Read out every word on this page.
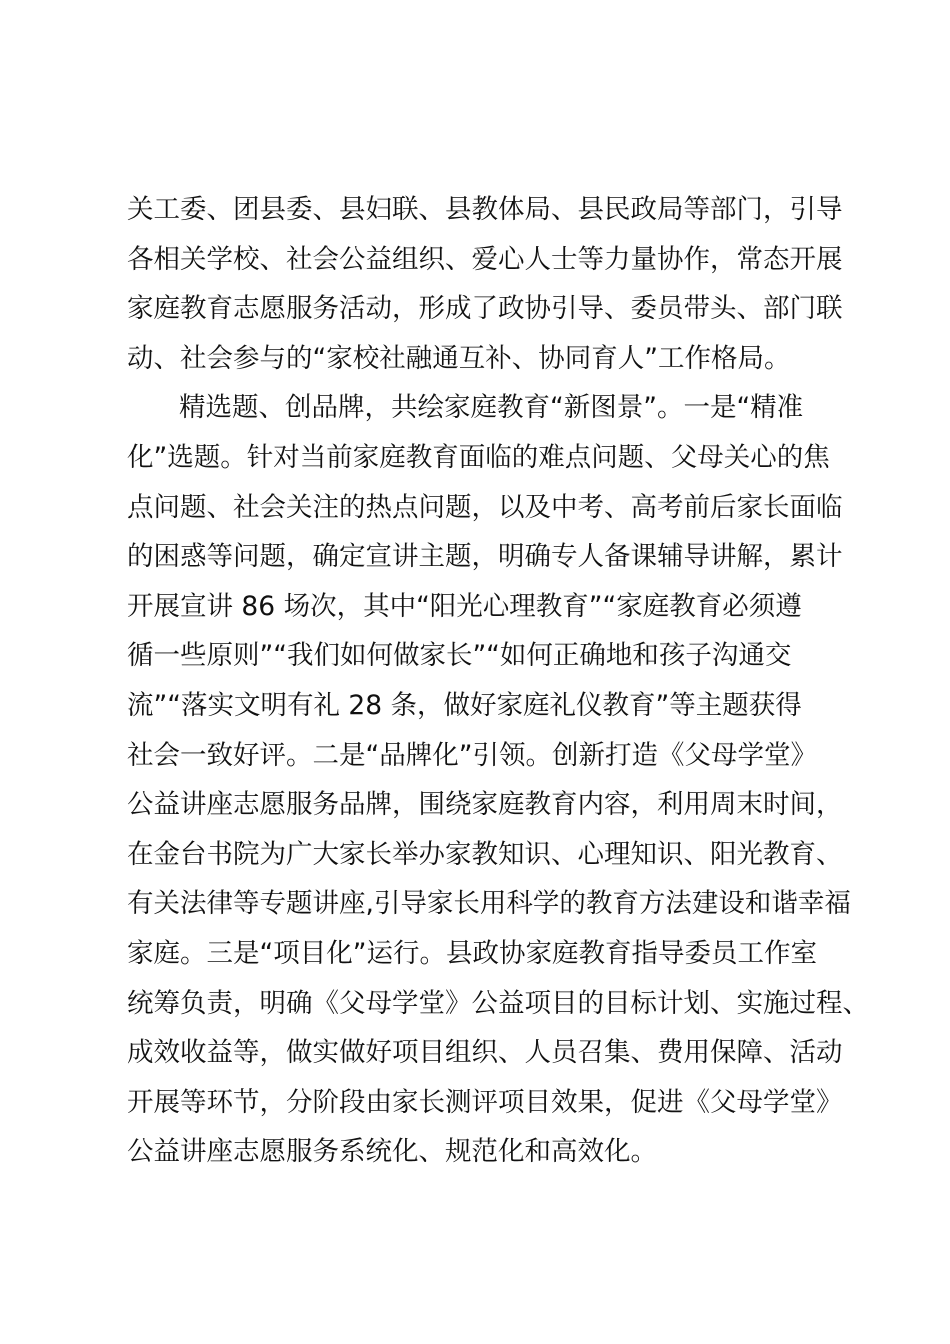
关工委、团县委、县妇联、县教体局、县民政局等部门，引导
各相关学校、社会公益组织、爱心人士等力量协作，常态开展
家庭教育志愿服务活动，形成了政协引导、委员带头、部门联
动、社会参与的“家校社融通互补、协同育人”工作格局。
精选题、创品牌，共绘家庭教育“新图景”。一是“精准
化”选题。针对当前家庭教育面临的难点问题、父母关心的焦
点问题、社会关注的热点问题，以及中考、高考前后家长面临
的困惑等问题，确定宣讲主题，明确专人备课辅导讲解，累计
开展宣讲 86 场次，其中“阳光心理教育”“家庭教育必须遵
循一些原则”“我们如何做家长”“如何正确地和孩子沟通交
流”“落实文明有礼 28 条，做好家庭礼仪教育”等主题获得
社会一致好评。二是“品牌化”引领。创新打造《父母学堂》
公益讲座志愿服务品牌，围绕家庭教育内容，利用周末时间，
在金台书院为广大家长举办家教知识、心理知识、阳光教育、
有关法律等专题讲座,引导家长用科学的教育方法建设和谐幸福
家庭。三是“项目化”运行。县政协家庭教育指导委员工作室
统筹负责，明确《父母学堂》公益项目的目标计划、实施过程、
成效收益等，做实做好项目组织、人员召集、费用保障、活动
开展等环节，分阶段由家长测评项目效果，促进《父母学堂》
公益讲座志愿服务系统化、规范化和高效化。
